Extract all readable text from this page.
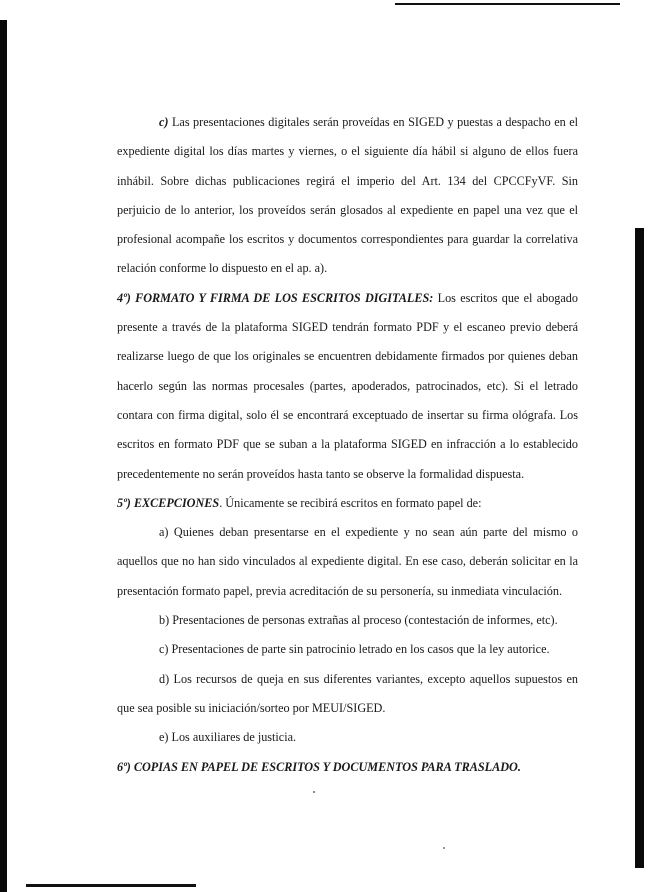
c) Las presentaciones digitales serán proveídas en SIGED y puestas a despacho en el expediente digital los días martes y viernes, o el siguiente día hábil si alguno de ellos fuera inhábil. Sobre dichas publicaciones regirá el imperio del Art. 134 del CPCCFyVF. Sin perjuicio de lo anterior, los proveídos serán glosados al expediente en papel una vez que el profesional acompañe los escritos y documentos correspondientes para guardar la correlativa relación conforme lo dispuesto en el ap. a).

4º) FORMATO Y FIRMA DE LOS ESCRITOS DIGITALES: Los escritos que el abogado presente a través de la plataforma SIGED tendrán formato PDF y el escaneo previo deberá realizarse luego de que los originales se encuentren debidamente firmados por quienes deban hacerlo según las normas procesales (partes, apoderados, patrocinados, etc). Si el letrado contara con firma digital, solo él se encontrará exceptuado de insertar su firma ológrafa. Los escritos en formato PDF que se suban a la plataforma SIGED en infracción a lo establecido precedentemente no serán proveídos hasta tanto se observe la formalidad dispuesta.

5º) EXCEPCIONES. Únicamente se recibirá escritos en formato papel de:

a) Quienes deban presentarse en el expediente y no sean aún parte del mismo o aquellos que no han sido vinculados al expediente digital. En ese caso, deberán solicitar en la presentación formato papel, previa acreditación de su personería, su inmediata vinculación.

b) Presentaciones de personas extrañas al proceso (contestación de informes, etc).

c) Presentaciones de parte sin patrocinio letrado en los casos que la ley autorice.

d) Los recursos de queja en sus diferentes variantes, excepto aquellos supuestos en que sea posible su iniciación/sorteo por MEUI/SIGED.

e) Los auxiliares de justicia.

6º) COPIAS EN PAPEL DE ESCRITOS Y DOCUMENTOS PARA TRASLADO.
